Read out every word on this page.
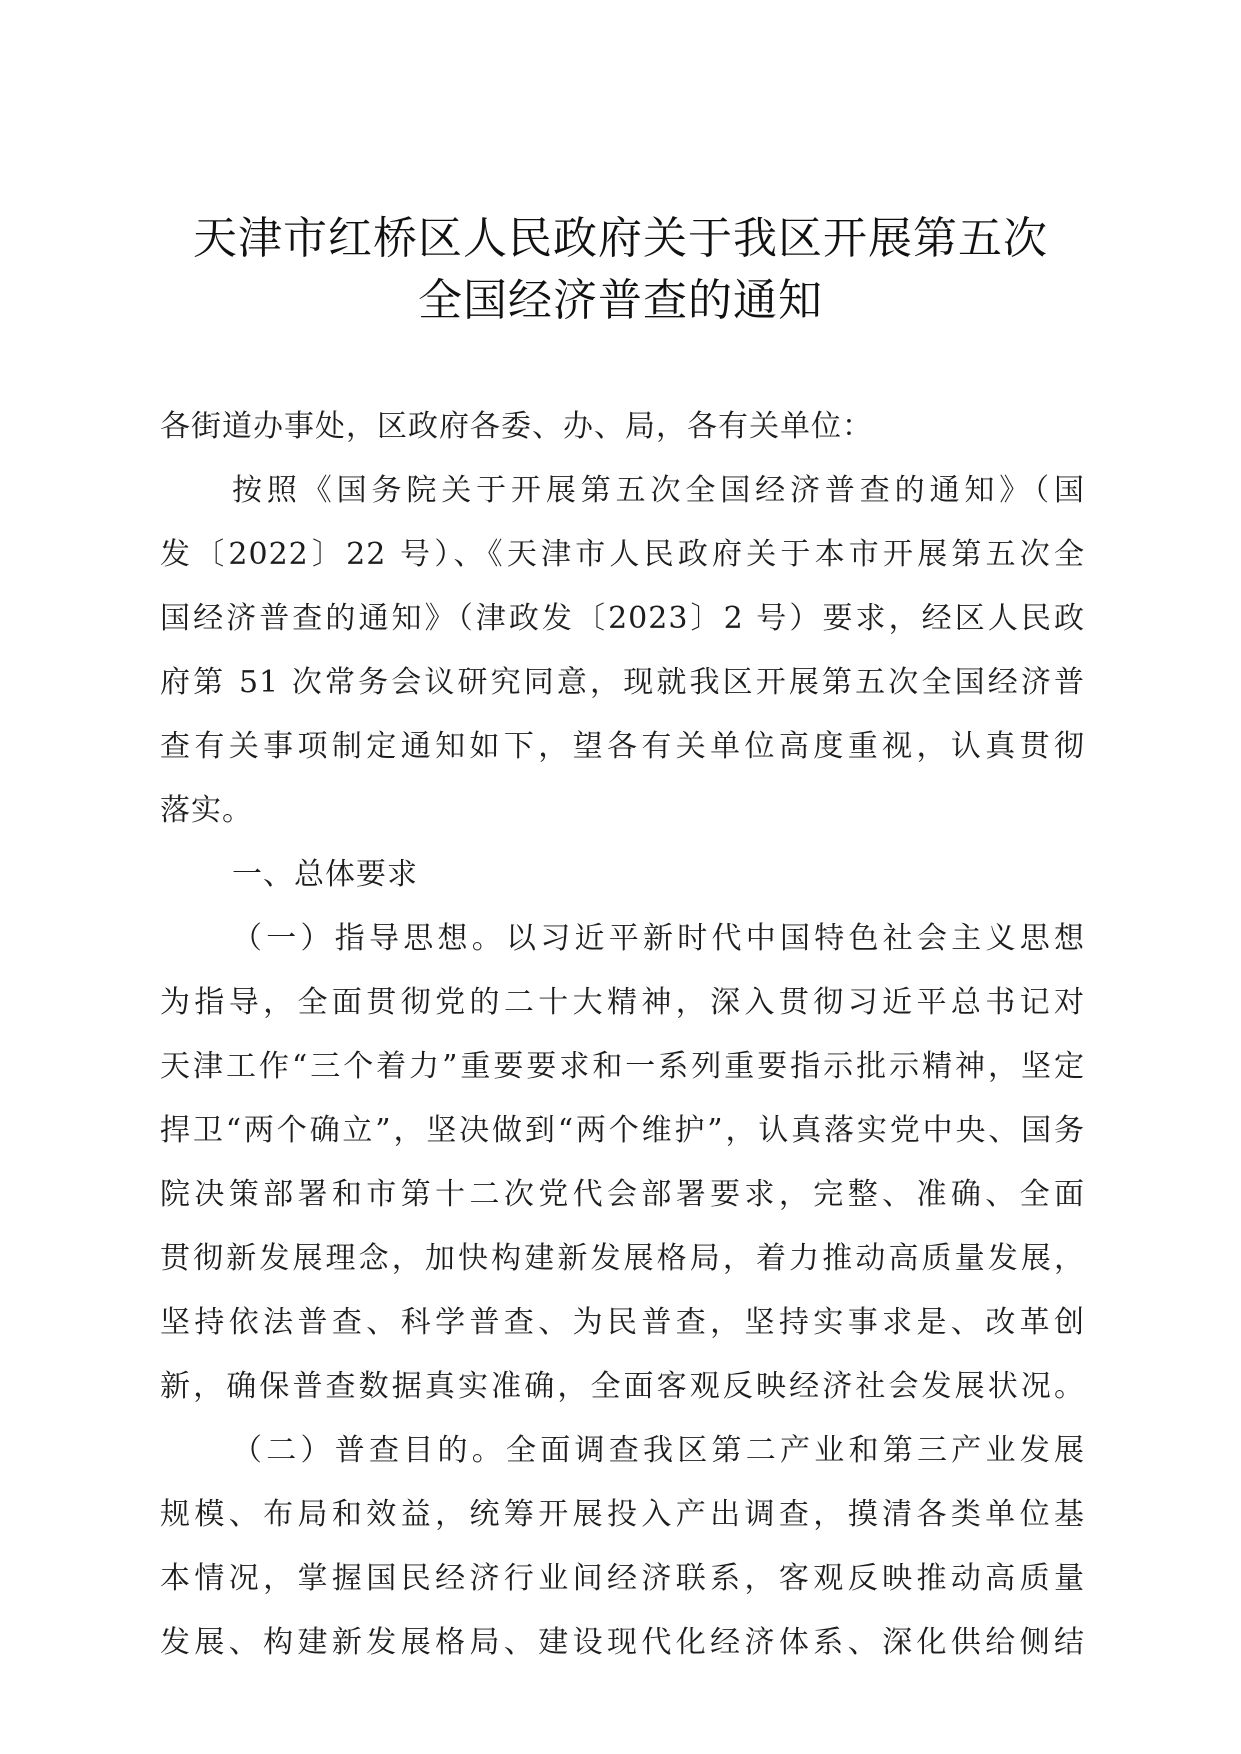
天津市红桥区人民政府关于我区开展第五次
全国经济普查的通知
各街道办事处，区政府各委、办、局，各有关单位：
按照《国务院关于开展第五次全国经济普查的通知》（国
发〔2022〕22 号）、《天津市人民政府关于本市开展第五次全
国经济普查的通知》（津政发〔2023〕2 号）要求，经区人民政
府第 51 次常务会议研究同意，现就我区开展第五次全国经济普
查有关事项制定通知如下，望各有关单位高度重视，认真贯彻
落实。
一、总体要求
（一）指导思想。以习近平新时代中国特色社会主义思想
为指导，全面贯彻党的二十大精神，深入贯彻习近平总书记对
天津工作“三个着力”重要要求和一系列重要指示批示精神，坚定
捍卫“两个确立”，坚决做到“两个维护”，认真落实党中央、国务
院决策部署和市第十二次党代会部署要求，完整、准确、全面
贯彻新发展理念，加快构建新发展格局，着力推动高质量发展，
坚持依法普查、科学普查、为民普查，坚持实事求是、改革创
新，确保普查数据真实准确，全面客观反映经济社会发展状况。
（二）普查目的。全面调查我区第二产业和第三产业发展
规模、布局和效益，统筹开展投入产出调查，摸清各类单位基
本情况，掌握国民经济行业间经济联系，客观反映推动高质量
发展、构建新发展格局、建设现代化经济体系、深化供给侧结
